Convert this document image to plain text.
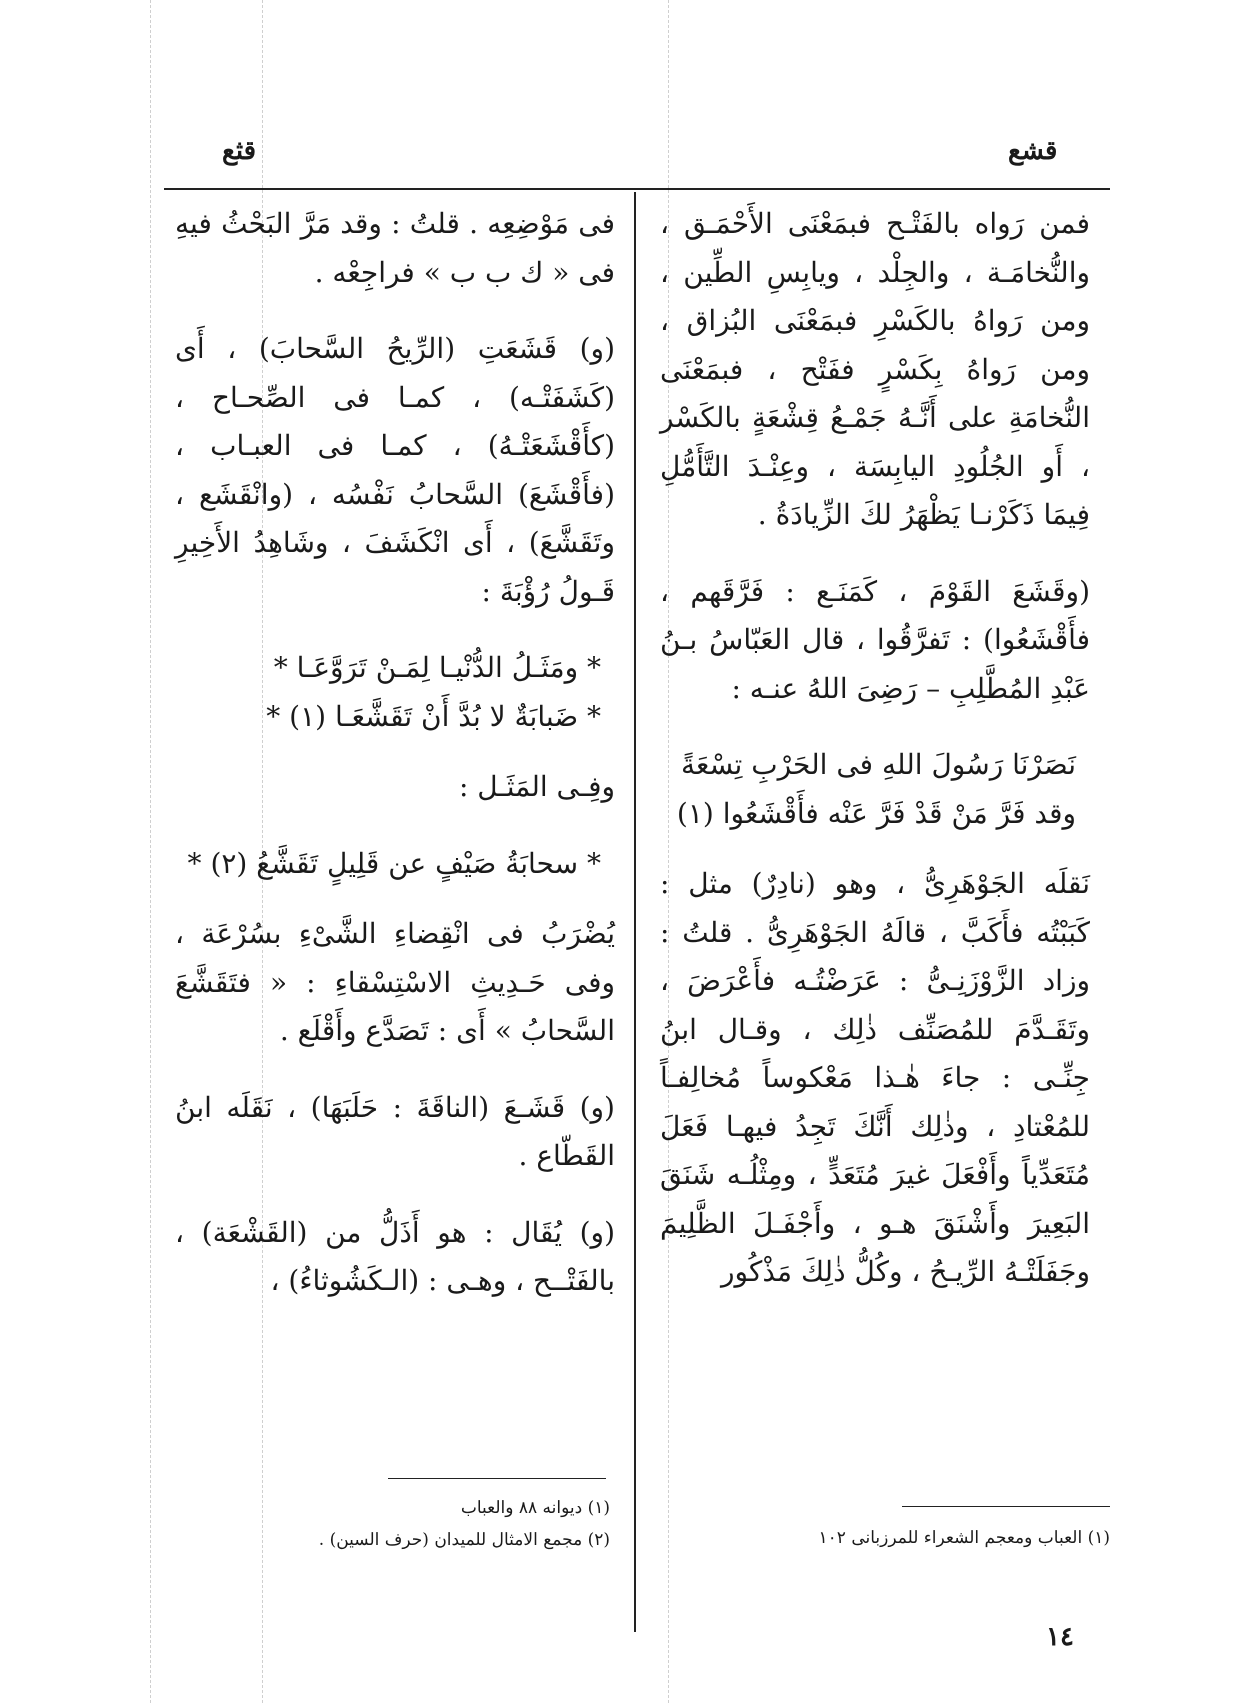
قشع
قثع

فمن رَواه بالفَتْـح فبمَعْنَى الأَحْمَـق ، والنُّخامَـة ، والجِلْد ، ويابِسِ الطِّين ، ومن رَواهُ بالكَسْرِ فبمَعْنَى البُزاق ، ومن رَواهُ بِكَسْرٍ ففَتْح ، فبمَعْنَى النُّخامَةِ على أَنَّـهُ جَمْـعُ قِشْعَةٍ بالكَسْر ، أَو الجُلُودِ اليابِسَة ، وعِنْـدَ التَّأَمُّلِ فِيمَا ذَكَرْنـا يَظْهَرُ لكَ الزِّيادَةُ .

(وقَشَعَ القَوْمَ ، كَمَنَـع : فَرَّقَهم ، فأَقْشَعُوا) : تَفرَّقُوا ، قال العَبّاسُ بـنُ عَبْدِ المُطَّلِبِ – رَضِىَ اللهُ عنـه :

نَصَرْنَا رَسُولَ اللهِ فى الحَرْبِ تِسْعَةً
وقد فَرَّ مَنْ قَدْ فَرَّ عَنْه فأَقْشَعُوا (١)

نَقلَه الجَوْهَرِىُّ ، وهو (نادِرٌ) مثل : كَبَبْتُه فأَكَبَّ ، قالَهُ الجَوْهَرِىُّ . قلتُ : وزاد الزَّوْزَنِـىُّ : عَرَضْتُـه فأَعْرَضَ ، وتَقَـدَّمَ للمُصَنِّف ذٰلِك ، وقـال ابنُ جِنِّـى : جاءَ هٰـذا مَعْكوساً مُخالِفـاً للمُعْتادِ ، وذٰلِك أَنَّكَ تَجِدُ فيهـا فَعَلَ مُتَعَدِّياً وأَفْعَلَ غيرَ مُتَعَدٍّ ، ومِثْلُـه شَنَقَ البَعِيرَ وأَشْنَقَ هـو ، وأَجْفَـلَ الظَّلِيمَ وجَفَلَتْـهُ الرِّيـحُ ، وكُلُّ ذٰلِكَ مَذْكُور

فى مَوْضِعِه . قلتُ : وقد مَرَّ البَحْثُ فيهِ فى « ك ب ب » فراجِعْه .

(و) قَشَعَتِ (الرِّيحُ السَّحابَ) ، أَى (كَشَفَتْـه) ، كمـا فى الصِّحـاح ، (كأَقْشَعَتْـهُ) ، كمـا فى العبـاب ، (فأَقْشَعَ) السَّحابُ نَفْسُه ، (وانْقَشَع ، وتَقَشَّعَ) ، أَى انْكَشَفَ ، وشَاهِدُ الأَخِيرِ قَـولُ رُؤْبَةَ :

* ومَثَـلُ الدُّنْيـا لِمَـنْ تَرَوَّعَـا *
* ضَبابَةٌ لا بُدَّ أَنْ تَقَشَّعَـا (١) *

وفِـى المَثَـل :

* سحابَةُ صَيْفٍ عن قَلِيلٍ تَقَشَّعُ (٢) *

يُضْرَبُ فى انْقِضاءِ الشَّىْءِ بسُرْعَة ، وفى حَـدِيثِ الاسْتِسْقاءِ : « فتَقَشَّعَ السَّحابُ » أَى : تَصَدَّع وأَقْلَع .

(و) قَشَـعَ (الناقَةَ : حَلَبَهَا) ، نَقَلَه ابنُ القَطّاع .

(و) يُقَال : هو أَذَلُّ من (القَشْعَة) ، بالفَتْــح ، وهـى : (الـكَشُوثاءُ) ،

(١) ديوانه ٨٨ والعباب
(٢) مجمع الامثال للميدان (حرف السين) .	(١) العباب ومعجم الشعراء للمرزبانى ١٠٢
١٤
